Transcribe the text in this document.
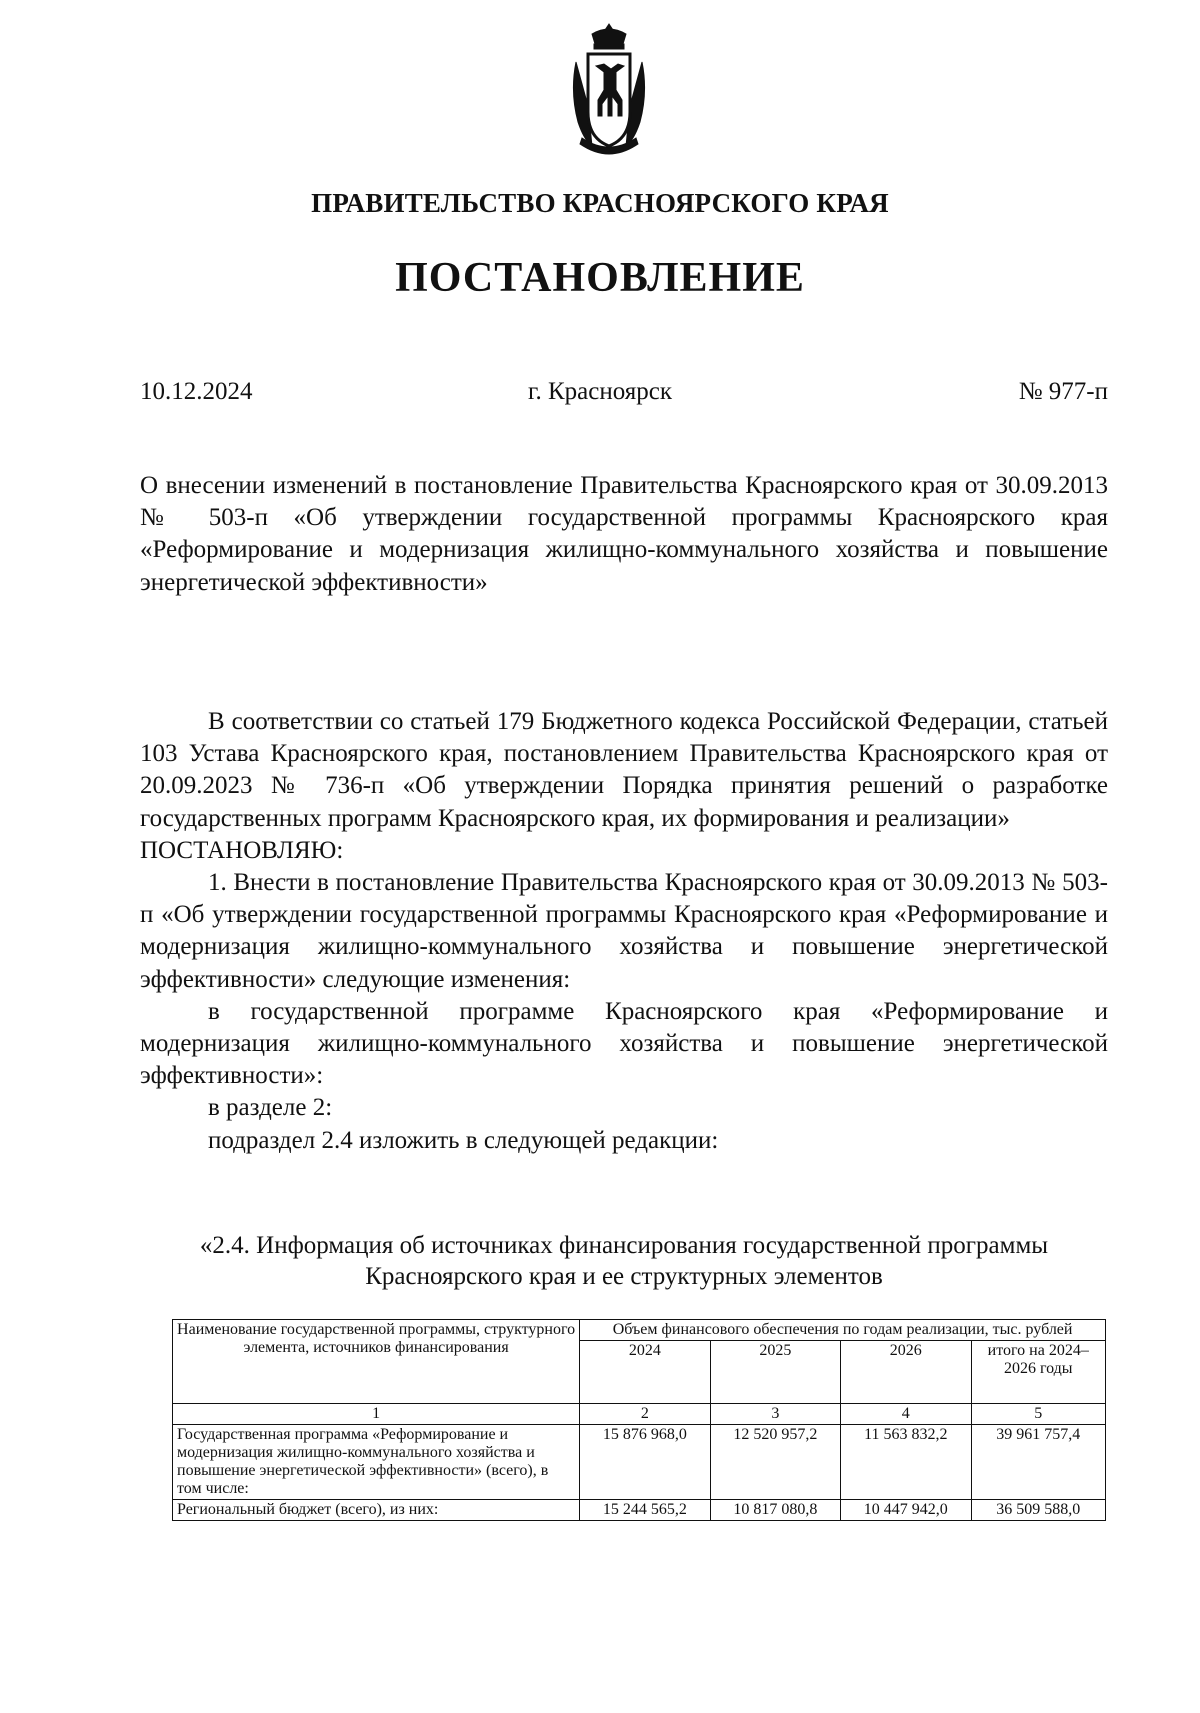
ПРАВИТЕЛЬСТВО КРАСНОЯРСКОГО КРАЯ
ПОСТАНОВЛЕНИЕ
10.12.2024	г. Красноярск	№ 977-п
О внесении изменений в постановление Правительства Красноярского края от 30.09.2013 № 503-п «Об утверждении государственной программы Красноярского края «Реформирование и модернизация жилищно-коммунального хозяйства и повышение энергетической эффективности»

В соответствии со статьей 179 Бюджетного кодекса Российской Федерации, статьей 103 Устава Красноярского края, постановлением Правительства Красноярского края от 20.09.2023 № 736-п «Об утверждении Порядка принятия решений о разработке государственных программ Красноярского края, их формирования и реализации»

ПОСТАНОВЛЯЮ:

1. Внести в постановление Правительства Красноярского края от 30.09.2013 № 503-п «Об утверждении государственной программы Красноярского края «Реформирование и модернизация жилищно-коммунального хозяйства и повышение энергетической эффективности» следующие изменения:

в государственной программе Красноярского края «Реформирование и модернизация жилищно-коммунального хозяйства и повышение энергетической эффективности»:

в разделе 2:

подраздел 2.4 изложить в следующей редакции:

«2.4. Информация об источниках финансирования государственной программы Красноярского края и ее структурных элементов
Наименование государственной программы, структурного элемента, источников финансирования	Объем финансового обеспечения по годам реализации, тыс. рублей			
	2024	2025	2026	итого на 2024–2026 годы
1	2	3	4	5
Государственная программа «Реформирование и модернизация жилищно-коммунального хозяйства и повышение энергетической эффективности» (всего), в том числе:	15 876 968,0	12 520 957,2	11 563 832,2	39 961 757,4
Региональный бюджет (всего), из них:	15 244 565,2	10 817 080,8	10 447 942,0	36 509 588,0
